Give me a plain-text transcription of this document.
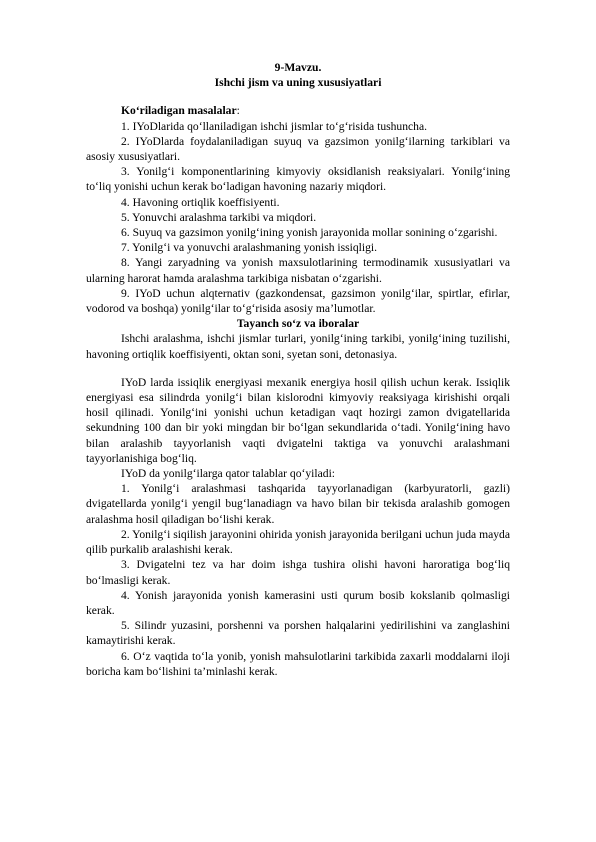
9-Mavzu.
Ishchi jism va uning xususiyatlari

Ko‘riladigan masalalar:

1. IYoDlarida qo‘llaniladigan ishchi jismlar to‘g‘risida tushuncha.

2. IYoDlarda foydalaniladigan suyuq va gazsimon yonilg‘ilarning tarkiblari va asosiy xususiyatlari.

3. Yonilg‘i komponentlarining kimyoviy oksidlanish reaksiyalari. Yonilg‘ining to‘liq yonishi uchun kerak bo‘ladigan havoning nazariy miqdori.

4. Havoning ortiqlik koeffisiyenti.

5. Yonuvchi aralashma tarkibi va miqdori.

6. Suyuq va gazsimon yonilg‘ining yonish jarayonida mollar sonining o‘zgarishi.

7. Yonilg‘i va yonuvchi aralashmaning yonish issiqligi.

8. Yangi zaryadning va yonish maxsulotlarining termodinamik xususiyatlari va ularning harorat hamda aralashma tarkibiga nisbatan o‘zgarishi.

9. IYoD uchun alqternativ (gazkondensat, gazsimon yonilg‘ilar, spirtlar, efirlar, vodorod va boshqa) yonilg‘ilar to‘g‘risida asosiy ma’lumotlar.

Tayanch so‘z va iboralar

Ishchi aralashma, ishchi jismlar turlari, yonilg‘ining tarkibi, yonilg‘ining tuzilishi, havoning ortiqlik koeffisiyenti, oktan soni, syetan soni, detonasiya.

IYoD larda issiqlik energiyasi mexanik energiya hosil qilish uchun kerak. Issiqlik energiyasi esa silindrda yonilg‘i bilan kislorodni kimyoviy reaksiyaga kirishishi orqali hosil qilinadi. Yonilg‘ini yonishi uchun ketadigan vaqt hozirgi zamon dvigatellarida sekundning 100 dan bir yoki mingdan bir bo‘lgan sekundlarida o‘tadi. Yonilg‘ining havo bilan aralashib tayyorlanish vaqti dvigatelni taktiga va yonuvchi aralashmani tayyorlanishiga bog‘liq.

IYoD da yonilg‘ilarga qator talablar qo‘yiladi:

1. Yonilg‘i aralashmasi tashqarida tayyorlanadigan (karbyuratorli, gazli) dvigatellarda yonilg‘i yengil bug‘lanadiagn va havo bilan bir tekisda aralashib gomogen aralashma hosil qiladigan bo‘lishi kerak.

2. Yonilg‘i siqilish jarayonini ohirida yonish jarayonida berilgani uchun juda mayda qilib purkalib aralashishi kerak.

3. Dvigatelni tez va har doim ishga tushira olishi havoni haroratiga bog‘liq bo‘lmasligi kerak.

4. Yonish jarayonida yonish kamerasini usti qurum bosib kokslanib qolmasligi kerak.

5. Silindr yuzasini, porshenni va porshen halqalarini yedirilishini va zanglashini kamaytirishi kerak.

6. O‘z vaqtida to‘la yonib, yonish mahsulotlarini tarkibida zaxarli moddalarni iloji boricha kam bo‘lishini ta’minlashi kerak.
